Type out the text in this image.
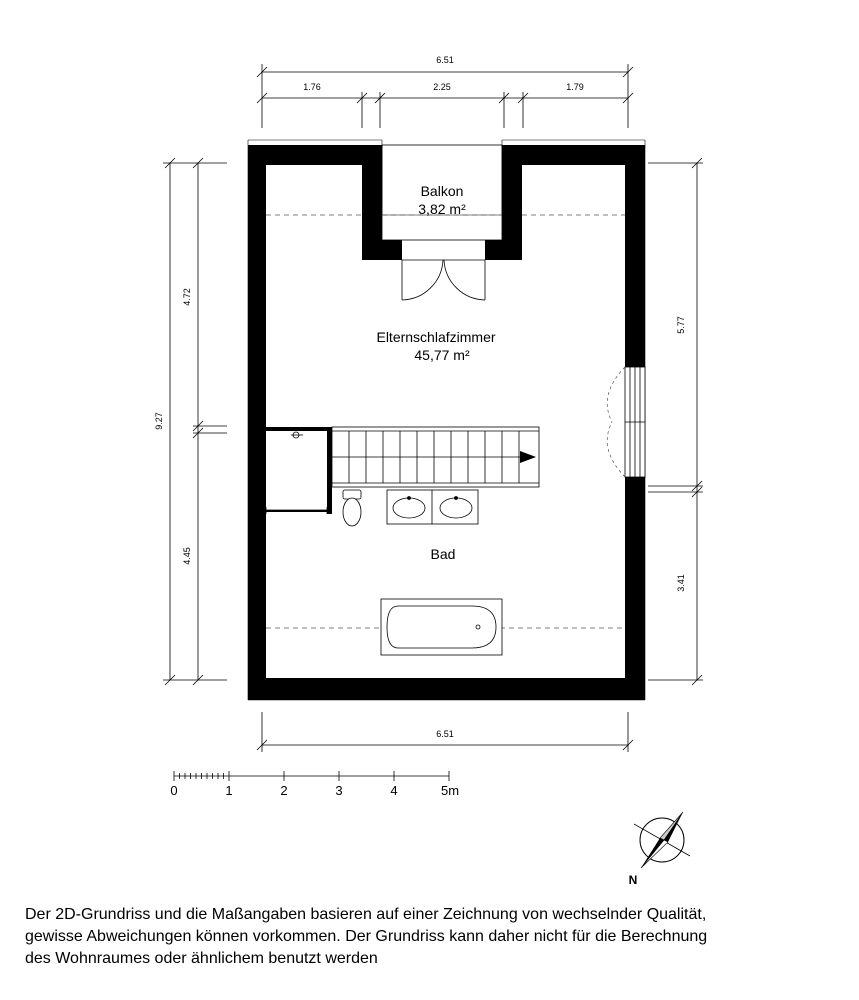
6.51
1.76	2.25	1.79
9.27
4.72
4.45
5.77
3.41
6.51
Balkon
3,82 m²
Elternschlafzimmer
45,77 m²
Bad
0	1	2	3	4	5m
N
Der 2D-Grundriss und die Maßangaben basieren auf einer Zeichnung von wechselnder Qualität,
gewisse Abweichungen können vorkommen. Der Grundriss kann daher nicht für die Berechnung
des Wohnraumes oder ähnlichem benutzt werden
